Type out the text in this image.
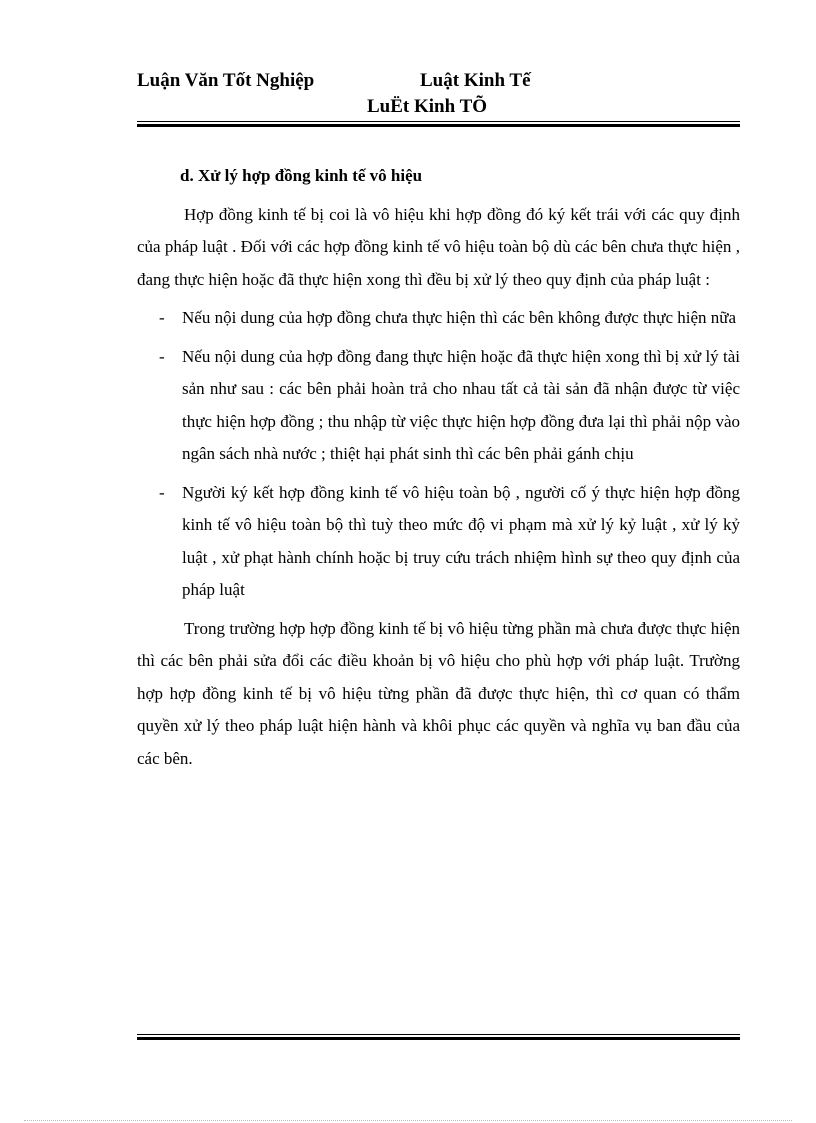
Luận Văn Tốt Nghiệp	Luật Kinh Tế
LuËt Kinh TÕ
d. Xử lý hợp đồng kinh tế vô hiệu

Hợp đồng kinh tế bị coi là vô hiệu khi hợp đồng đó ký kết trái với các quy định của pháp luật . Đối với các hợp đồng kinh tế vô hiệu toàn bộ dù các bên chưa thực hiện , đang thực hiện hoặc đã thực hiện xong thì đều bị xử lý theo quy định của pháp luật :

- Nếu nội dung của hợp đồng chưa thực hiện thì các bên không được thực hiện nữa
- Nếu nội dung của hợp đồng đang thực hiện hoặc đã thực hiện xong thì bị xử lý tài sản như sau : các bên phải hoàn trả cho nhau tất cả tài sản đã nhận được từ việc thực hiện hợp đồng ; thu nhập từ việc thực hiện hợp đồng đưa lại thì phải nộp vào ngân sách nhà nước ; thiệt hại phát sinh thì các bên phải gánh chịu
- Người ký kết hợp đồng kinh tế vô hiệu toàn bộ , người cố ý thực hiện hợp đồng kinh tế vô hiệu toàn bộ thì tuỳ theo mức độ vi phạm mà xử lý kỷ luật , xử lý kỷ luật , xử phạt hành chính hoặc bị truy cứu trách nhiệm hình sự theo quy định của pháp luật

Trong trường hợp hợp đồng kinh tế bị vô hiệu từng phần mà chưa được thực hiện thì các bên phải sửa đổi các điều khoản bị vô hiệu cho phù hợp với pháp luật. Trường hợp hợp đồng kinh tế bị vô hiệu từng phần đã được thực hiện, thì cơ quan có thẩm quyền xử lý theo pháp luật hiện hành và khôi phục các quyền và nghĩa vụ ban đầu của các bên.
